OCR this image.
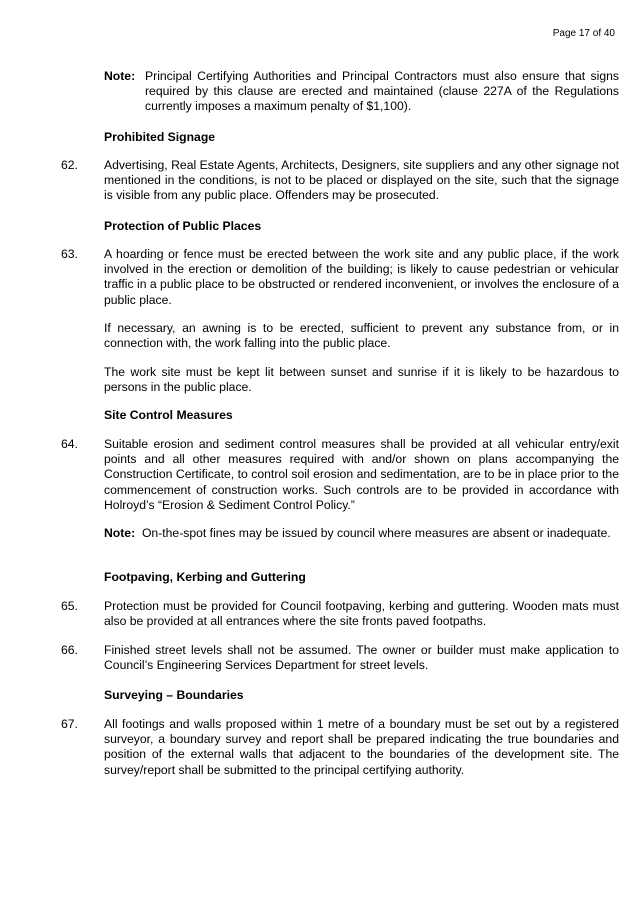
Page 17 of 40
Note: Principal Certifying Authorities and Principal Contractors must also ensure that signs required by this clause are erected and maintained (clause 227A of the Regulations currently imposes a maximum penalty of $1,100).
Prohibited Signage
62. Advertising, Real Estate Agents, Architects, Designers, site suppliers and any other signage not mentioned in the conditions, is not to be placed or displayed on the site, such that the signage is visible from any public place. Offenders may be prosecuted.
Protection of Public Places
63. A hoarding or fence must be erected between the work site and any public place, if the work involved in the erection or demolition of the building; is likely to cause pedestrian or vehicular traffic in a public place to be obstructed or rendered inconvenient, or involves the enclosure of a public place.
If necessary, an awning is to be erected, sufficient to prevent any substance from, or in connection with, the work falling into the public place.
The work site must be kept lit between sunset and sunrise if it is likely to be hazardous to persons in the public place.
Site Control Measures
64. Suitable erosion and sediment control measures shall be provided at all vehicular entry/exit points and all other measures required with and/or shown on plans accompanying the Construction Certificate, to control soil erosion and sedimentation, are to be in place prior to the commencement of construction works. Such controls are to be provided in accordance with Holroyd’s “Erosion & Sediment Control Policy.”
Note: On-the-spot fines may be issued by council where measures are absent or inadequate.
Footpaving, Kerbing and Guttering
65. Protection must be provided for Council footpaving, kerbing and guttering. Wooden mats must also be provided at all entrances where the site fronts paved footpaths.
66. Finished street levels shall not be assumed. The owner or builder must make application to Council’s Engineering Services Department for street levels.
Surveying – Boundaries
67. All footings and walls proposed within 1 metre of a boundary must be set out by a registered surveyor, a boundary survey and report shall be prepared indicating the true boundaries and position of the external walls that adjacent to the boundaries of the development site. The survey/report shall be submitted to the principal certifying authority.
